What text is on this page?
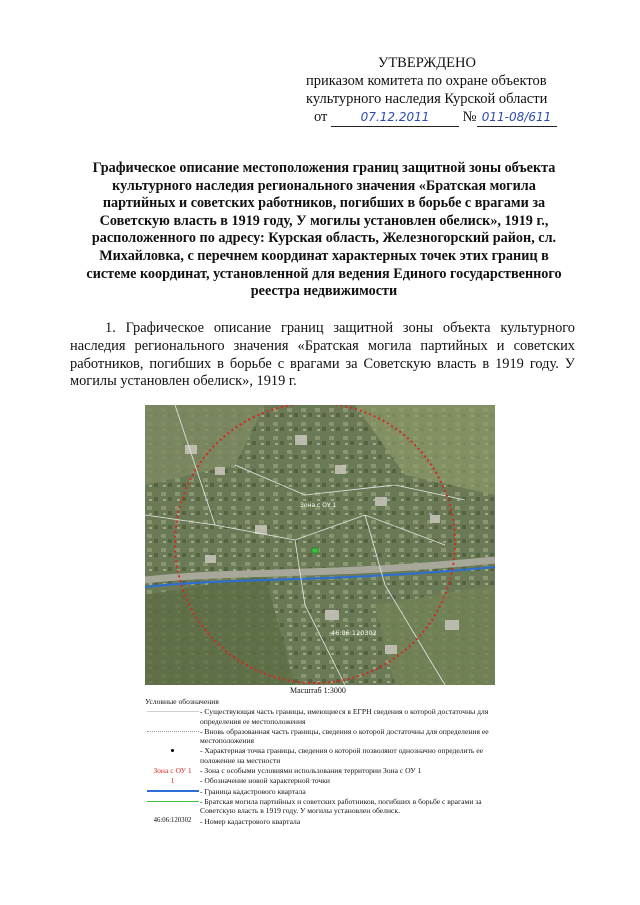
УТВЕРЖДЕНО
приказом комитета по охране объектов
культурного наследия Курской области
от	07.12.2011 № 011-08/611
Графическое описание местоположения границ защитной зоны объекта культурного наследия регионального значения «Братская могила партийных и советских работников, погибших в борьбе с врагами за Советскую власть в 1919 году, У могилы установлен обелиск», 1919 г., расположенного по адресу: Курская область, Железногорский район, сл. Михайловка, с перечнем координат характерных точек этих границ в системе координат, установленной для ведения Единого государственного реестра недвижимости
1. Графическое описание границ защитной зоны объекта культурного наследия регионального значения «Братская могила партийных и советских работников, погибших в борьбе с врагами за Советскую власть в 1919 году. У могилы установлен обелиск», 1919 г.
Зона с ОУ 1
46:06:120302
Масштаб 1:3000
Условные обозначения
- Существующая часть границы, имеющиеся в ЕГРН сведения о которой достаточны для определения ее местоположения
- Вновь образованная часть границы, сведения о которой достаточны для определения ее местоположения
- Характерная точка границы, сведения о которой позволяют однозначно определить ее положение на местности
Зона с ОУ 1 - Зона с особыми условиями использования территории Зона с ОУ 1
1	- Обозначение новой характерной точки
- Граница кадастрового квартала
- Братская могила партийных и советских работников, погибших в борьбе с врагами за Советскую власть в 1919 году. У могилы установлен обелиск.
46:06:120302 - Номер кадастрового квартала
